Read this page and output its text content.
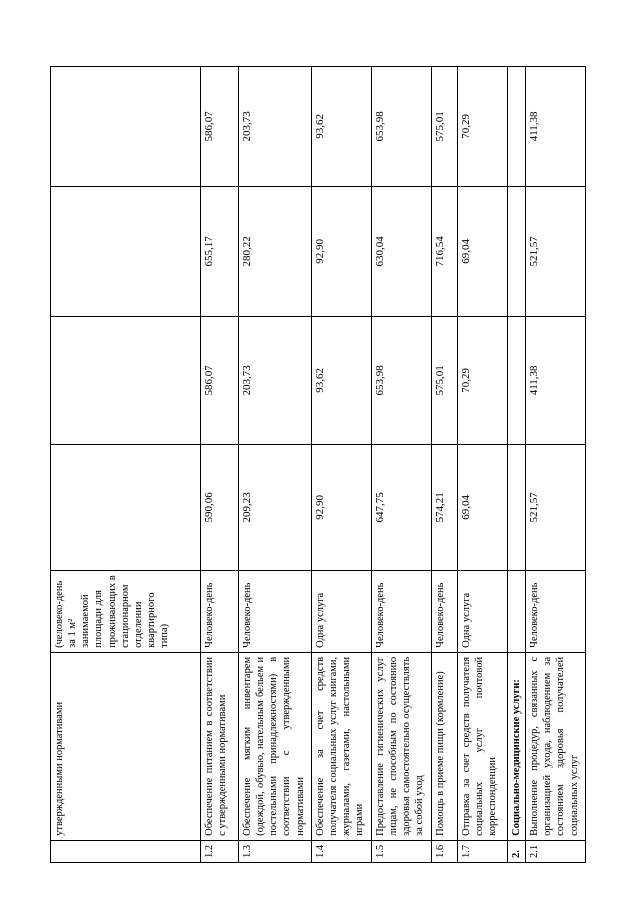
	утвержденными нормативами	(человеко-день за 1 м² занимаемой площади для проживающих в стационарном отделении квартирного типа)				
1.2	Обеспечение питанием в соответствии с утвержденными нормативами	Человеко-день	590,06	586,07	655,17	586,07
1.3	Обеспечение мягким инвентарем (одеждой, обувью, нательным бельем и постельными принадлежностями) в соответствии с утвержденными нормативами	Человеко-день	209,23	203,73	280,22	203,73
1.4	Обеспечение за счет средств получателя социальных услуг книгами, журналами, газетами, настольными играми	Одна услуга	92,90	93,62	92,90	93,62
1.5	Предоставление гигиенических услуг лицам, не способным по состоянию здоровья самостоятельно осуществлять за собой уход	Человеко-день	647,75	653,98	630,04	653,98
1.6	Помощь в приеме пищи (кормление)	Человеко-день	574,21	575,01	716,54	575,01
1.7	Отправка за счет средств получателя социальных услуг почтовой корреспонденции	Одна услуга	69,04	70,29	69,04	70,29
2.	Социально-медицинские услуги:					
2.1	Выполнение процедур, связанных с организацией ухода, наблюдением за состоянием здоровья получателей социальных услуг	Человеко-день	521,57	411,38	521,57	411,38
